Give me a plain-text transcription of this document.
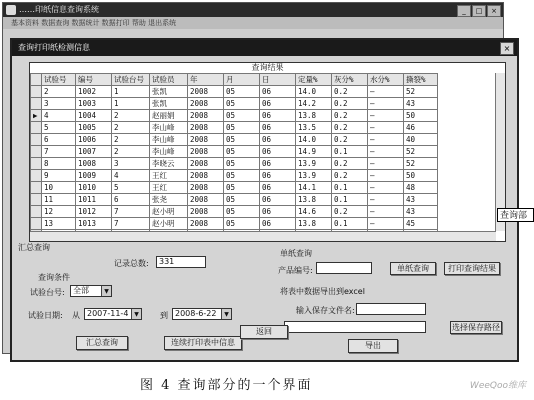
……印纸信息查询系统	_	□	×
基本资料 数据查询 数据统计 数据打印 帮助 退出系统
查询打印纸检测信息	×
查询结果
	试验号	编号	试验台号	试验员	年	月	日	定量%	灰分%	水分%	撕裂%
	2	1002	1	张凯	2008	05	06	14.0	0.2	—	52
	3	1003	1	张凯	2008	05	06	14.2	0.2	—	43
▶	4	1004	2	赵丽娟	2008	05	06	13.8	0.2	—	50
	5	1005	2	李山峰	2008	05	06	13.5	0.2	—	46
	6	1006	2	李山峰	2008	05	06	14.0	0.2	—	40
	7	1007	2	李山峰	2008	05	06	14.9	0.1	—	52
	8	1008	3	李晓云	2008	05	06	13.9	0.2	—	52
	9	1009	4	王红	2008	05	06	13.9	0.2	—	50
	10	1010	5	王红	2008	05	06	14.1	0.1	—	48
	11	1011	6	张尧	2008	05	06	13.8	0.1	—	43
	12	1012	7	赵小明	2008	05	06	14.6	0.2	—	43
	13	1013	7	赵小明	2008	05	06	13.8	0.1	—	45

汇总查询
记录总数:	331
查询条件
试验台号:	全部	▼
试验日期: 从 2007-11-4 ▼	到 2008-6-22	▼
汇总查询	连续打印表中信息
单纸查询
产品编号:	单纸查询	打印查询结果
将表中数据导出到excel
输入保存文件名:
选择保存路径
导出
返回
查询部
图 4 查询部分的一个界面	WeeQoo维库
